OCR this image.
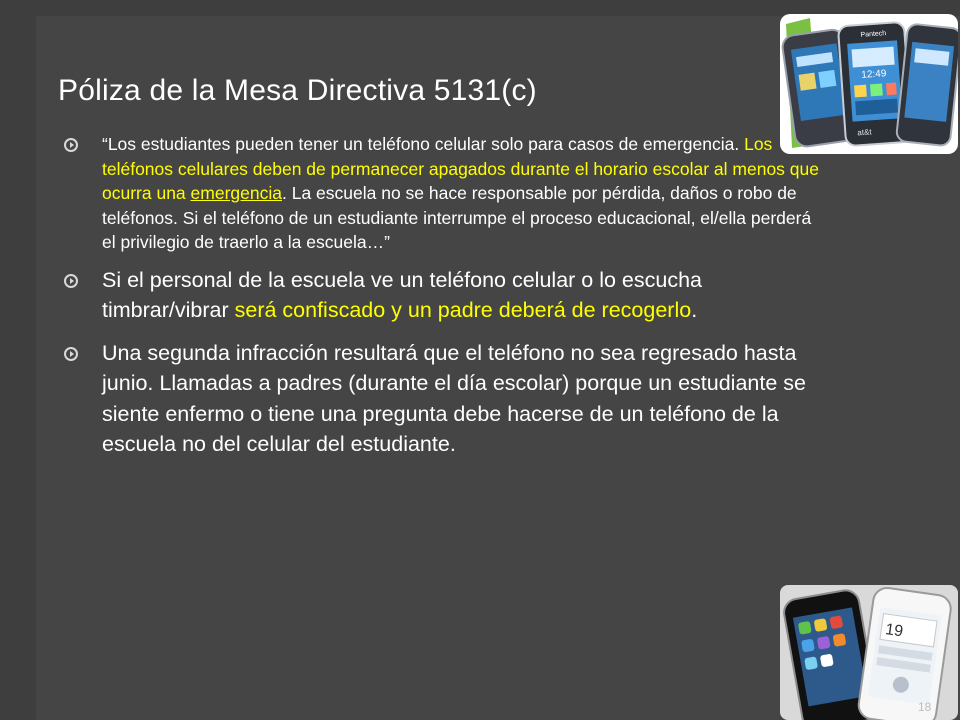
Póliza de la Mesa Directiva 5131(c)
“Los estudiantes pueden tener un teléfono celular solo para casos de emergencia. Los teléfonos celulares deben de permanecer apagados durante el horario escolar al menos que ocurra una emergencia. La escuela no se hace responsable por pérdida, daños o robo de teléfonos. Si el teléfono de un estudiante interrumpe el proceso educacional, el/ella perderá el privilegio de traerlo a la escuela…”
Si el personal de la escuela ve un teléfono celular o lo escucha timbrar/vibrar será confiscado y un padre deberá de recogerlo.
Una segunda infracción resultará que el teléfono no sea regresado hasta junio. Llamadas a padres (durante el día escolar) porque un estudiante se siente enfermo o tiene una pregunta debe hacerse de un teléfono de la escuela no del celular del estudiante.
Pantech
12:49
at&t
19
18
